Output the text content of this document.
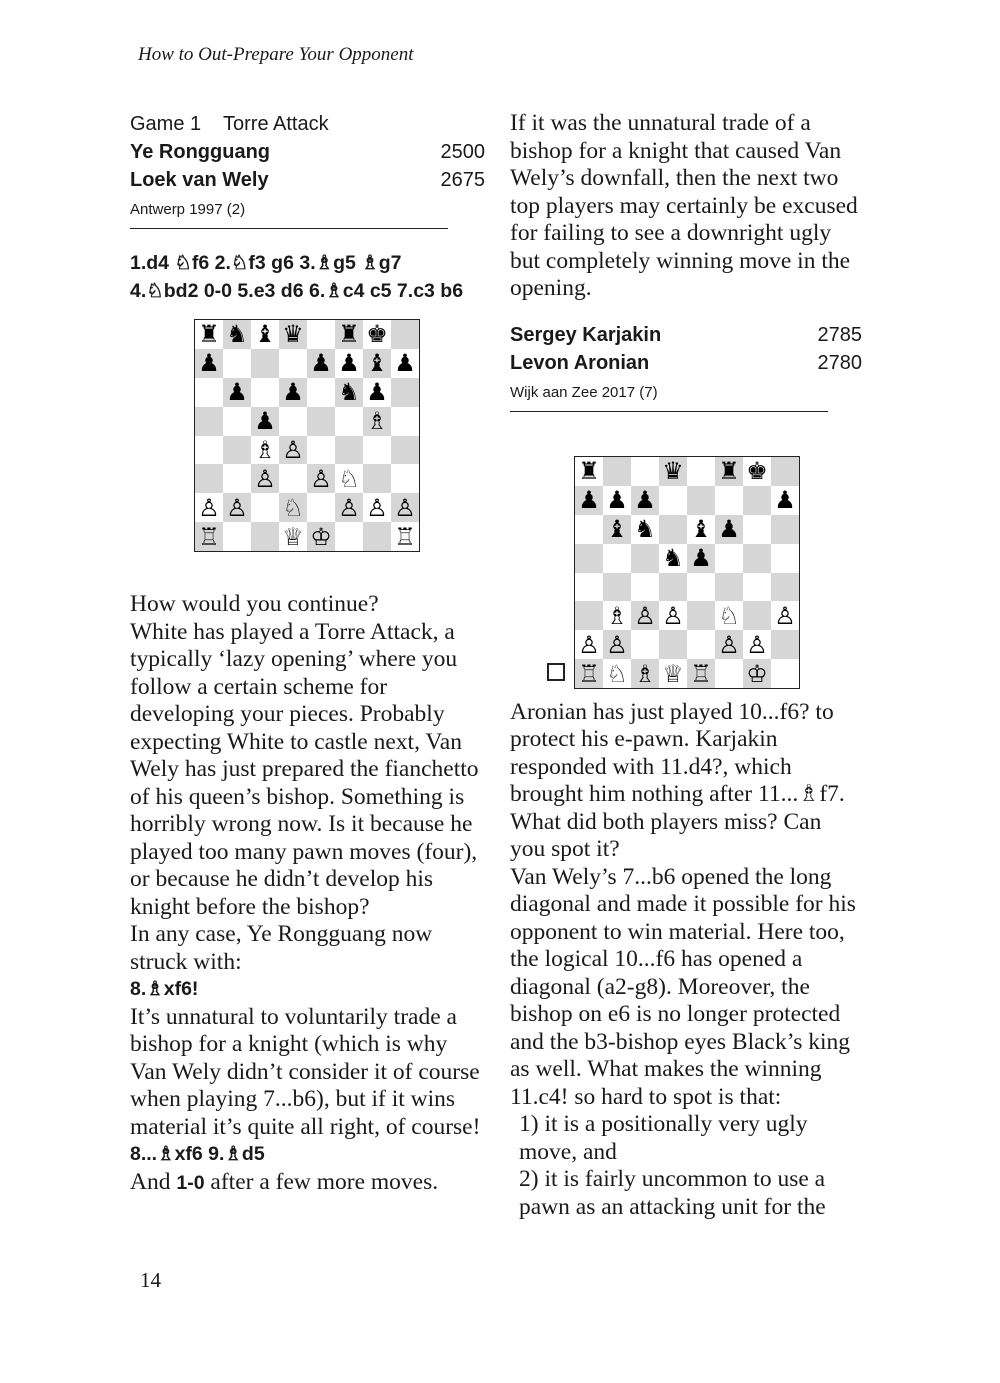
How to Out-Prepare Your Opponent
Game 1    Torre Attack
Ye Rongguang	2500
Loek van Wely	2675
Antwerp 1997 (2)
1.d4 ♘f6 2.♘f3 g6 3.♗g5 ♗g7
4.♘bd2 0-0 5.e3 d6 6.♗c4 c5 7.c3 b6

How would you continue?

White has played a Torre Attack, a typically ‘lazy opening’ where you follow a certain scheme for developing your pieces. Probably expecting White to castle next, Van Wely has just prepared the fianchetto of his queen’s bishop. Something is horribly wrong now. Is it because he played too many pawn moves (four), or because he didn’t develop his knight before the bishop?

In any case, Ye Rongguang now struck with:

8.♗xf6!

It’s unnatural to voluntarily trade a bishop for a knight (which is why Van Wely didn’t consider it of course when playing 7...b6), but if it wins material it’s quite all right, of course!

8...♗xf6 9.♗d5

And 1-0 after a few more moves.

If it was the unnatural trade of a bishop for a knight that caused Van Wely’s downfall, then the next two top players may certainly be excused for failing to see a downright ugly but completely winning move in the opening.

Sergey Karjakin	2785
Levon Aronian	2780
Wijk aan Zee 2017 (7)

Aronian has just played 10...f6? to protect his e-pawn. Karjakin responded with 11.d4?, which brought him nothing after 11...♗f7. What did both players miss? Can you spot it?

Van Wely’s 7...b6 opened the long diagonal and made it possible for his opponent to win material. Here too, the logical 10...f6 has opened a diagonal (a2-g8). Moreover, the bishop on e6 is no longer protected and the b3-bishop eyes Black’s king as well. What makes the winning 11.c4! so hard to spot is that:

1) it is a positionally very ugly move, and

2) it is fairly uncommon to use a pawn as an attacking unit for the

♜ ♞ ♝ ♛ ♜ ♚
♟	♟ ♟ ♝ ♟
♟ ♟ ♞ ♟
♟	♗
♗ ♙
♙ ♙ ♘
♙ ♙ ♘ ♙ ♙ ♙
♖	♕ ♔	♖
♜	♛ ♜ ♚
♟ ♟ ♟	♟
♝ ♞ ♝ ♟
♞ ♟
♗ ♙ ♙ ♘ ♙
♙ ♙	♙ ♙
♖ ♘ ♗ ♕ ♖ ♔
14
